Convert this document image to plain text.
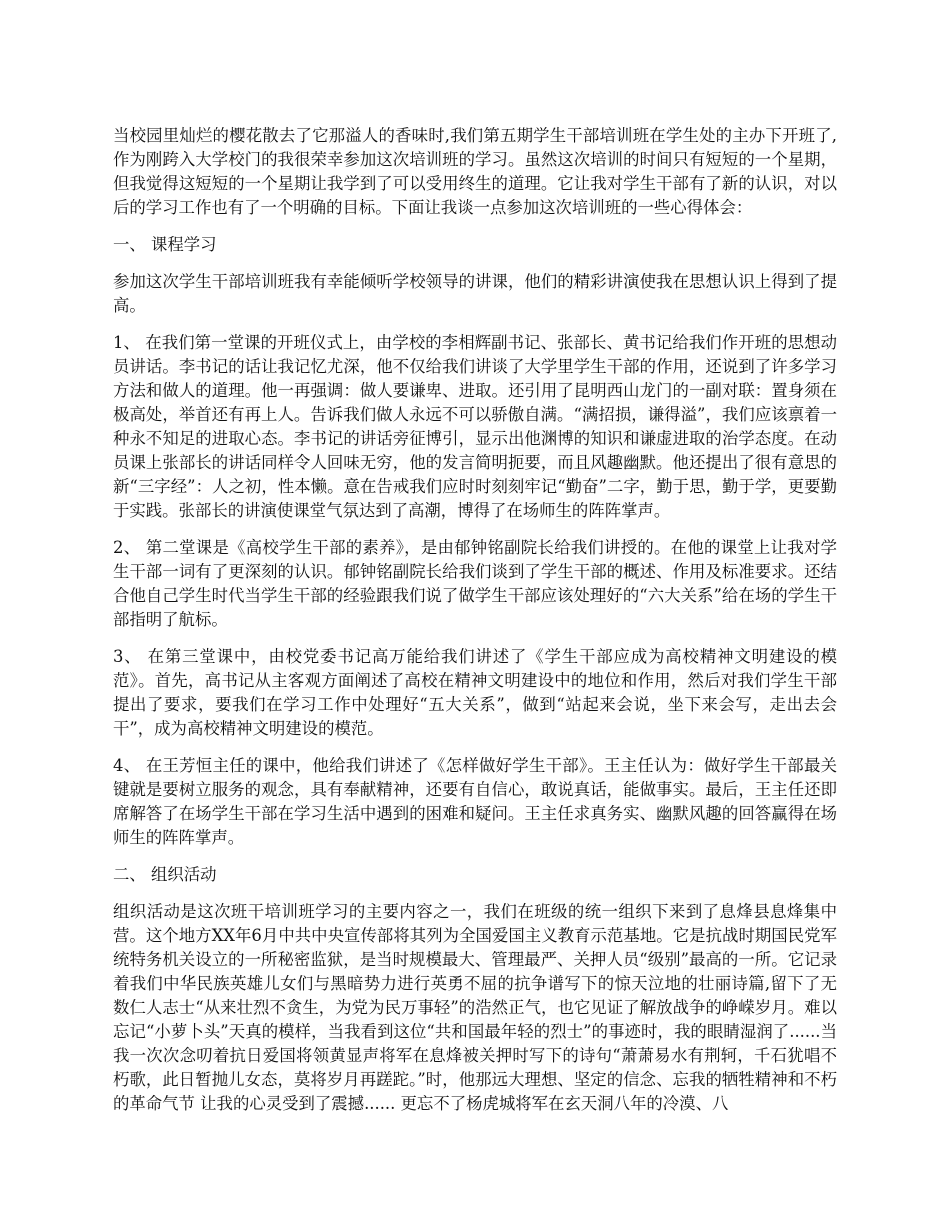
当校园里灿烂的樱花散去了它那溢人的香味时,我们第五期学生干部培训班在学生处的主办下开班了,作为刚跨入大学校门的我很荣幸参加这次培训班的学习。虽然这次培训的时间只有短短的一个星期，但我觉得这短短的一个星期让我学到了可以受用终生的道理。它让我对学生干部有了新的认识，对以后的学习工作也有了一个明确的目标。下面让我谈一点参加这次培训班的一些心得体会：

一、 课程学习

参加这次学生干部培训班我有幸能倾听学校领导的讲课，他们的精彩讲演使我在思想认识上得到了提高。

1、 在我们第一堂课的开班仪式上，由学校的李相辉副书记、张部长、黄书记给我们作开班的思想动员讲话。李书记的话让我记忆尤深，他不仅给我们讲谈了大学里学生干部的作用，还说到了许多学习方法和做人的道理。他一再强调：做人要谦卑、进取。还引用了昆明西山龙门的一副对联：置身须在极高处，举首还有再上人。告诉我们做人永远不可以骄傲自满。“满招损，谦得溢”，我们应该禀着一种永不知足的进取心态。李书记的讲话旁征博引，显示出他渊博的知识和谦虚进取的治学态度。在动员课上张部长的讲话同样令人回味无穷，他的发言简明扼要，而且风趣幽默。他还提出了很有意思的新“三字经”：人之初，性本懒。意在告戒我们应时时刻刻牢记“勤奋”二字，勤于思，勤于学，更要勤于实践。张部长的讲演使课堂气氛达到了高潮，博得了在场师生的阵阵掌声。

2、 第二堂课是《高校学生干部的素养》，是由郁钟铭副院长给我们讲授的。在他的课堂上让我对学生干部一词有了更深刻的认识。郁钟铭副院长给我们谈到了学生干部的概述、作用及标准要求。还结合他自己学生时代当学生干部的经验跟我们说了做学生干部应该处理好的“六大关系”给在场的学生干部指明了航标。

3、 在第三堂课中，由校党委书记高万能给我们讲述了《学生干部应成为高校精神文明建设的模范》。首先，高书记从主客观方面阐述了高校在精神文明建设中的地位和作用，然后对我们学生干部提出了要求，要我们在学习工作中处理好“五大关系”，做到“站起来会说，坐下来会写，走出去会干”，成为高校精神文明建设的模范。

4、 在王芳恒主任的课中，他给我们讲述了《怎样做好学生干部》。王主任认为：做好学生干部最关键就是要树立服务的观念，具有奉献精神，还要有自信心，敢说真话，能做事实。最后，王主任还即席解答了在场学生干部在学习生活中遇到的困难和疑问。王主任求真务实、幽默风趣的回答赢得在场师生的阵阵掌声。

二、 组织活动

组织活动是这次班干培训班学习的主要内容之一，我们在班级的统一组织下来到了息烽县息烽集中营。这个地方XX年6月中共中央宣传部将其列为全国爱国主义教育示范基地。它是抗战时期国民党军统特务机关设立的一所秘密监狱，是当时规模最大、管理最严、关押人员“级别”最高的一所。它记录着我们中华民族英雄儿女们与黑暗势力进行英勇不屈的抗争谱写下的惊天泣地的壮丽诗篇,留下了无数仁人志士“从来壮烈不贪生，为党为民万事轻”的浩然正气，也它见证了解放战争的峥嵘岁月。难以忘记“小萝卜头”天真的模样，当我看到这位“共和国最年轻的烈士”的事迹时，我的眼睛湿润了......当我一次次念叨着抗日爱国将领黄显声将军在息烽被关押时写下的诗句“萧萧易水有荆轲，千石犹唱不朽歌，此日暂抛儿女态，莫将岁月再蹉跎。”时，他那远大理想、坚定的信念、忘我的牺牲精神和不朽的革命气节 让我的心灵受到了震撼...... 更忘不了杨虎城将军在玄天洞八年的冷漠、八
